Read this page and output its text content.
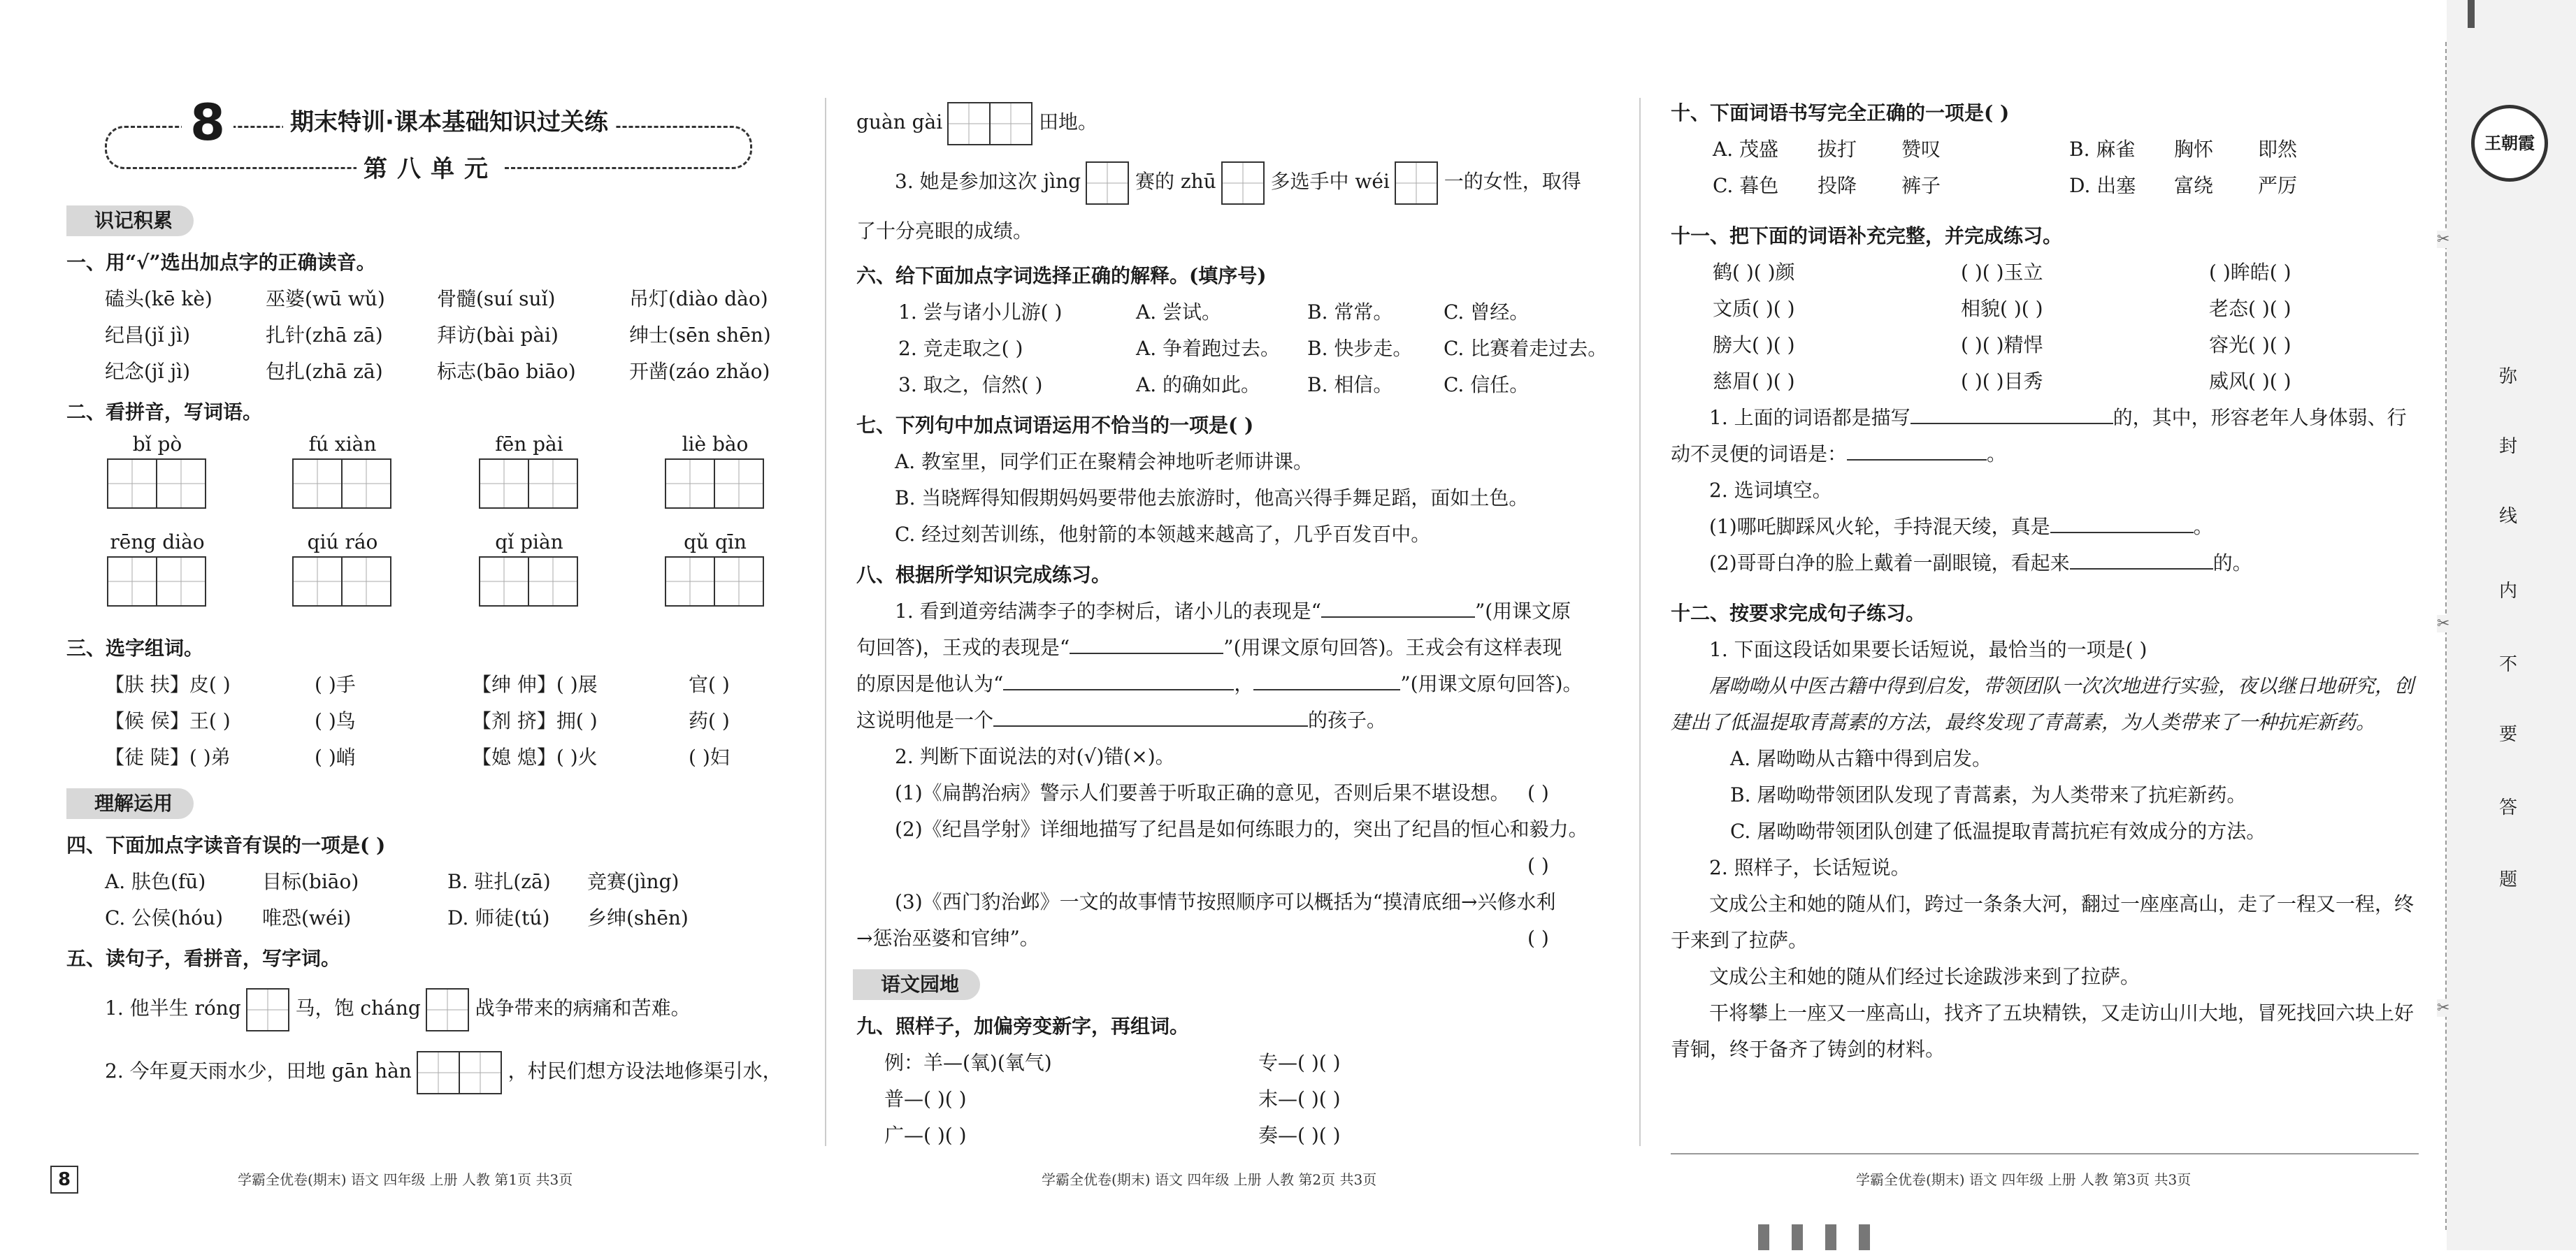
8	期末特训·课本基础知识过关练
第八单元
识记积累
一、用“√”选出加点字的正确读音。
磕头(kē kè)	巫婆(wū wǔ)	骨髓(suí suǐ)	吊灯(diào dào)
纪昌(jǐ jì)	扎针(zhā zā)	拜访(bài pài)	绅士(sēn shēn)
纪念(jǐ jì)	包扎(zhā zā)	标志(bāo biāo)	开凿(záo zhǎo)
二、看拼音，写词语。
bǐ pò	fú xiàn	fēn pài	liè bào
rēng diào	qiú ráo	qǐ piàn	qǔ qīn
三、选字组词。
【肤 扶】皮( )	( )手	【绅 伸】( )展	官( )
【候 侯】王( )	( )鸟	【剂 挤】拥( )	药( )
【徒 陡】( )弟	( )峭	【媳 熄】( )火	( )妇
理解运用
四、下面加点字读音有误的一项是( )
A. 肤色(fū)	目标(biāo)	B. 驻扎(zā) 竞赛(jìng)
C. 公侯(hóu) 唯恐(wéi)	D. 师徒(tú) 乡绅(shēn)
五、读句子，看拼音，写字词。
1. 他半生 róng	马，饱 cháng	战争带来的病痛和苦难。
2. 今年夏天雨水少，田地 gān hàn	，村民们想方设法地修渠引水，
guàn gài	田地。
3. 她是参加这次 jìng	赛的 zhū	多选手中 wéi	一的女性，取得
了十分亮眼的成绩。
六、给下面加点字词选择正确的解释。(填序号)
1. 尝与诸小儿游( )	A. 尝试。	B. 常常。	C. 曾经。
2. 竞走取之( )	A. 争着跑过去。 B. 快步走。 C. 比赛着走过去。
3. 取之，信然( )	A. 的确如此。 B. 相信。	C. 信任。
七、下列句中加点词语运用不恰当的一项是( )
A. 教室里，同学们正在聚精会神地听老师讲课。
B. 当晓辉得知假期妈妈要带他去旅游时，他高兴得手舞足蹈，面如土色。
C. 经过刻苦训练，他射箭的本领越来越高了，几乎百发百中。
八、根据所学知识完成练习。
1. 看到道旁结满李子的李树后，诸小儿的表现是“	”(用课文原
句回答)，王戎的表现是“	”(用课文原句回答)。王戎会有这样表现
的原因是他认为“	，	”(用课文原句回答)。
这说明他是一个	的孩子。
2. 判断下面说法的对(√)错(×)。
(1)《扁鹊治病》警示人们要善于听取正确的意见，否则后果不堪设想。 ( )
(2)《纪昌学射》详细地描写了纪昌是如何练眼力的，突出了纪昌的恒心和毅力。
( )
(3)《西门豹治邺》一文的故事情节按照顺序可以概括为“摸清底细→兴修水利
→惩治巫婆和官绅”。	( )
语文园地
九、照样子，加偏旁变新字，再组词。
例：羊—(氧)(氧气)	专—( )( )
普—( )( )	末—( )( )
广—( )( )	奏—( )( )
十、下面词语书写完全正确的一项是( )
A. 茂盛 拔打 赞叹	B. 麻雀 胸怀 即然
C. 暮色 投降 裤子	D. 出塞 富绕 严厉
十一、把下面的词语补充完整，并完成练习。
鹤( )( )颜	( )( )玉立	( )眸皓( )
文质( )( )	相貌( )( )	老态( )( )
膀大( )( )	( )( )精悍	容光( )( )
慈眉( )( )	( )( )目秀	威风( )( )
1. 上面的词语都是描写	的，其中，形容老年人身体弱、行
动不灵便的词语是：	。
2. 选词填空。
(1)哪吒脚踩风火轮，手持混天绫，真是	。
(2)哥哥白净的脸上戴着一副眼镜，看起来	的。
十二、按要求完成句子练习。
1. 下面这段话如果要长话短说，最恰当的一项是( )
屠呦呦从中医古籍中得到启发，带领团队一次次地进行实验，夜以继日地研究，创建出了低温提取青蒿素的方法，最终发现了青蒿素，为人类带来了一种抗疟新药。
A. 屠呦呦从古籍中得到启发。
B. 屠呦呦带领团队发现了青蒿素，为人类带来了抗疟新药。
C. 屠呦呦带领团队创建了低温提取青蒿抗疟有效成分的方法。
2. 照样子，长话短说。
文成公主和她的随从们，跨过一条条大河，翻过一座座高山，走了一程又一程，终于来到了拉萨。
文成公主和她的随从们经过长途跋涉来到了拉萨。
干将攀上一座又一座高山，找齐了五块精铁，又走访山川大地，冒死找回六块上好青铜，终于备齐了铸剑的材料。
8	学霸全优卷(期末) 语文 四年级 上册 人教 第1页 共3页	学霸全优卷(期末) 语文 四年级 上册 人教 第2页 共3页	学霸全优卷(期末) 语文 四年级 上册 人教 第3页 共3页
✂
✂
✂
王朝霞
弥
封
线
内
不
要
答
题
